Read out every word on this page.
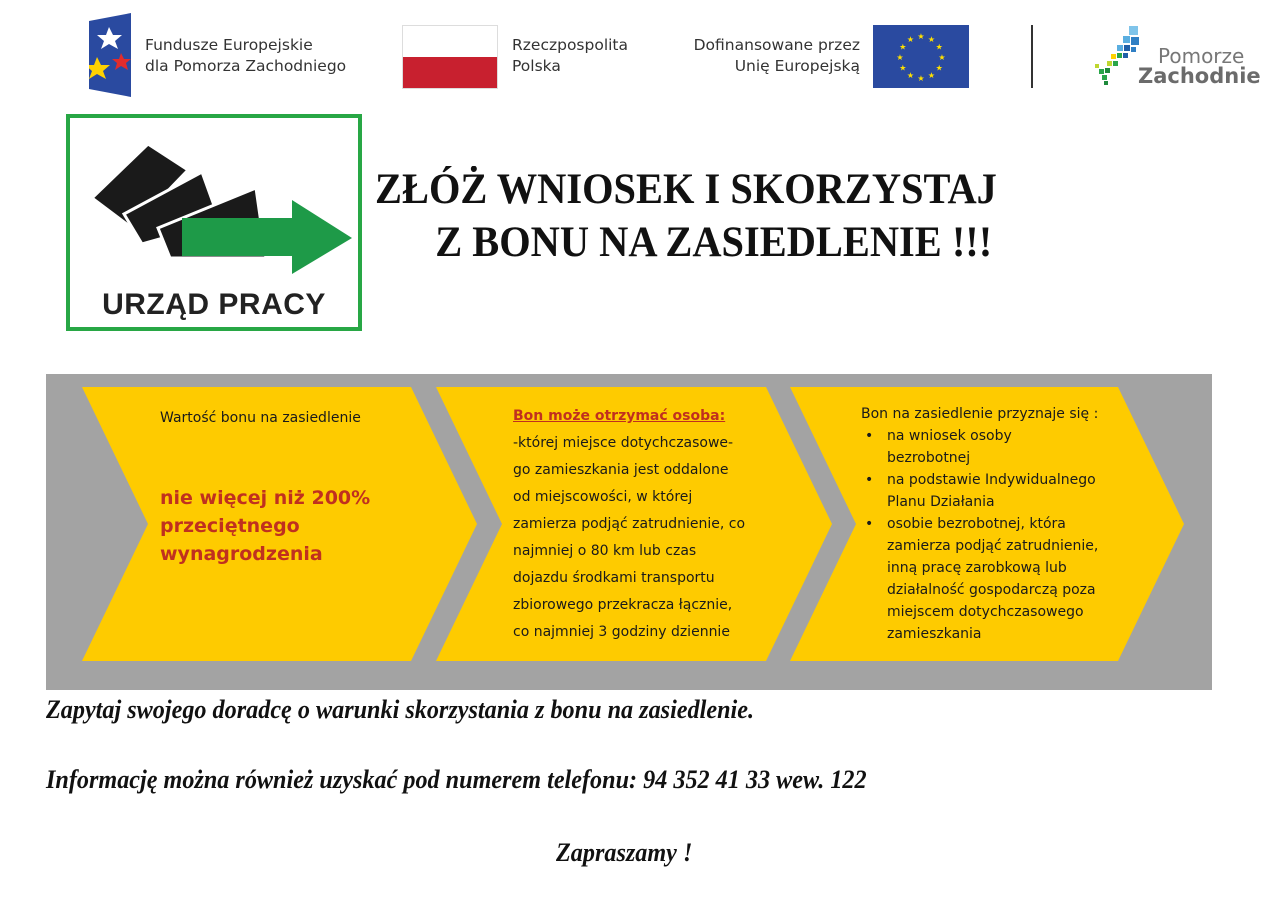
Fundusze Europejskie
dla Pomorza Zachodniego
Rzeczpospolita
Polska
Dofinansowane przez
Unię Europejską
★ ★
★
★
★
★
★
★
★
★
★
★
Pomorze
Zachodnie
URZĄD PRACY
ZŁÓŻ WNIOSEK I SKORZYSTAJ
Z BONU NA ZASIEDLENIE !!!
Wartość bonu na zasiedlenie
nie więcej niż 200%
przeciętnego
wynagrodzenia
Bon może otrzymać osoba:
-której miejsce dotychczasowe-
go zamieszkania jest oddalone
od miejscowości, w której
zamierza podjąć zatrudnienie, co
najmniej o 80 km lub czas
dojazdu środkami transportu
zbiorowego przekracza łącznie,
co najmniej 3 godziny dziennie
Bon na zasiedlenie przyznaje się :
• na wniosek osoby
bezrobotnej
• na podstawie Indywidualnego
Planu Działania
• osobie bezrobotnej, która
zamierza podjąć zatrudnienie,
inną pracę zarobkową lub
działalność gospodarczą poza
miejscem dotychczasowego
zamieszkania
Zapytaj swojego doradcę o warunki skorzystania z bonu na zasiedlenie.
Informację można również uzyskać pod numerem telefonu: 94 352 41 33 wew. 122
Zapraszamy !
